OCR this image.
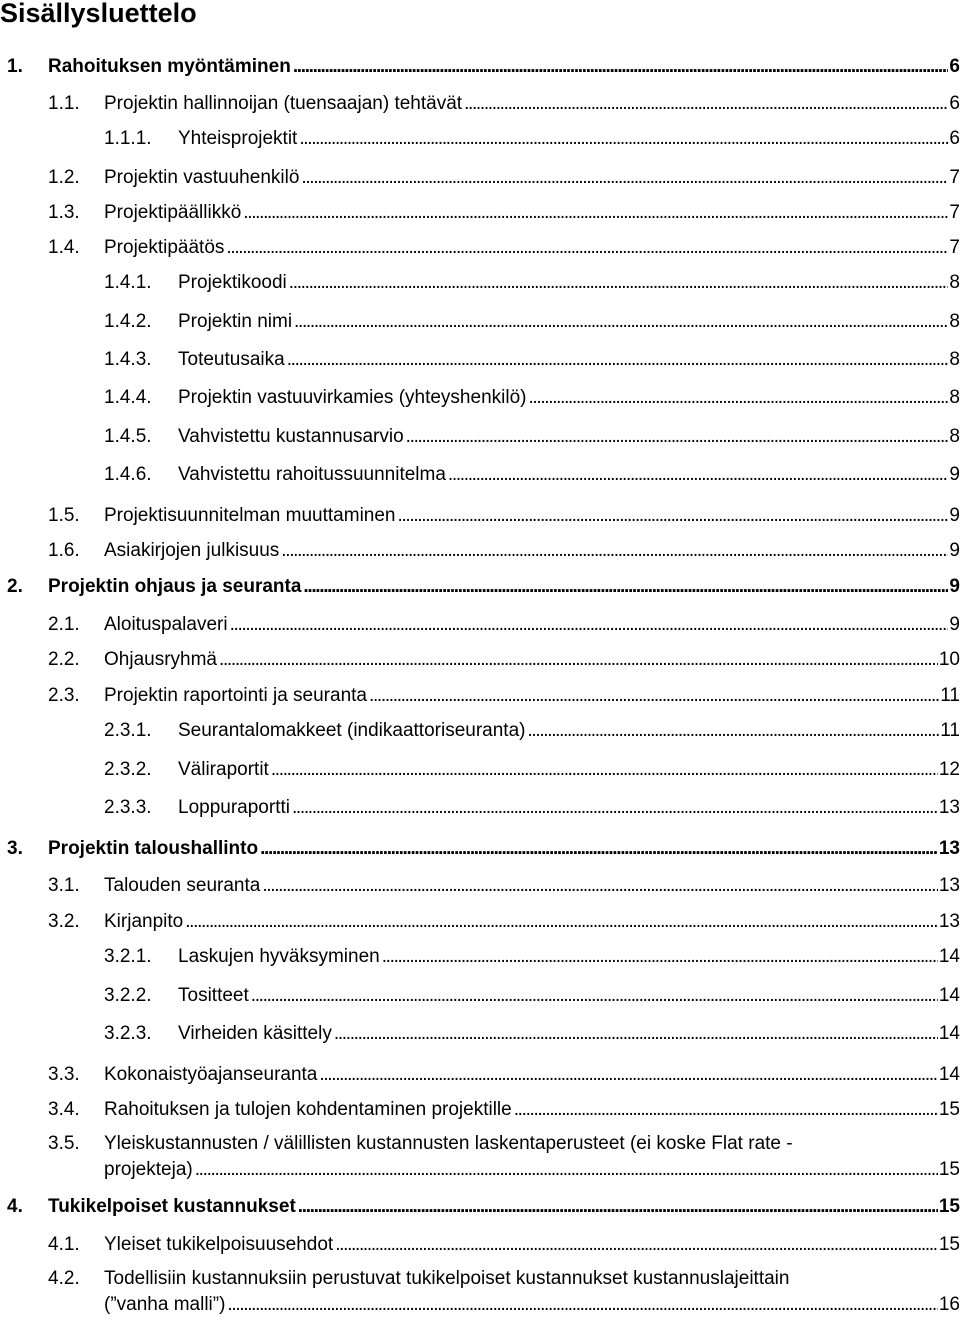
Sisällysluettelo
1. Rahoituksen myöntäminen . . .	6
1.1. Projektin hallinnoijan (tuensaajan) tehtävät . . .	6
1.1.1. Yhteisprojektit . . .	6
1.2. Projektin vastuuhenkilö . . .	7
1.3. Projektipäällikkö . . .	7
1.4. Projektipäätös . . .	7
1.4.1. Projektikoodi . . .	8
1.4.2. Projektin nimi . . .	8
1.4.3. Toteutusaika . . .	8
1.4.4. Projektin vastuuvirkamies (yhteyshenkilö) . . .	8
1.4.5. Vahvistettu kustannusarvio . . .	8
1.4.6. Vahvistettu rahoitussuunnitelma . . .	9
1.5. Projektisuunnitelman muuttaminen . . .	9
1.6. Asiakirjojen julkisuus . . .	9
2. Projektin ohjaus ja seuranta . . .	9
2.1. Aloituspalaveri . . .	9
2.2. Ohjausryhmä . . .	10
2.3. Projektin raportointi ja seuranta . . .	11
2.3.1. Seurantalomakkeet (indikaattoriseuranta) . . .	11
2.3.2. Väliraportit . . .	12
2.3.3. Loppuraportti . . .	13
3. Projektin taloushallinto . . .	13
3.1. Talouden seuranta . . .	13
3.2. Kirjanpito . . .	13
3.2.1. Laskujen hyväksyminen . . .	14
3.2.2. Tositteet . . .	14
3.2.3. Virheiden käsittely . . .	14
3.3. Kokonaistyöajanseuranta . . .	14
3.4. Rahoituksen ja tulojen kohdentaminen projektille . . .	15
3.5. Yleiskustannusten / välillisten kustannusten laskentaperusteet (ei koske Flat rate -
projekteja) . . .	15
4. Tukikelpoiset kustannukset . . .	15
4.1. Yleiset tukikelpoisuusehdot . . .	15
4.2. Todellisiin kustannuksiin perustuvat tukikelpoiset kustannukset kustannuslajeittain
(”vanha malli”) . . .	16
